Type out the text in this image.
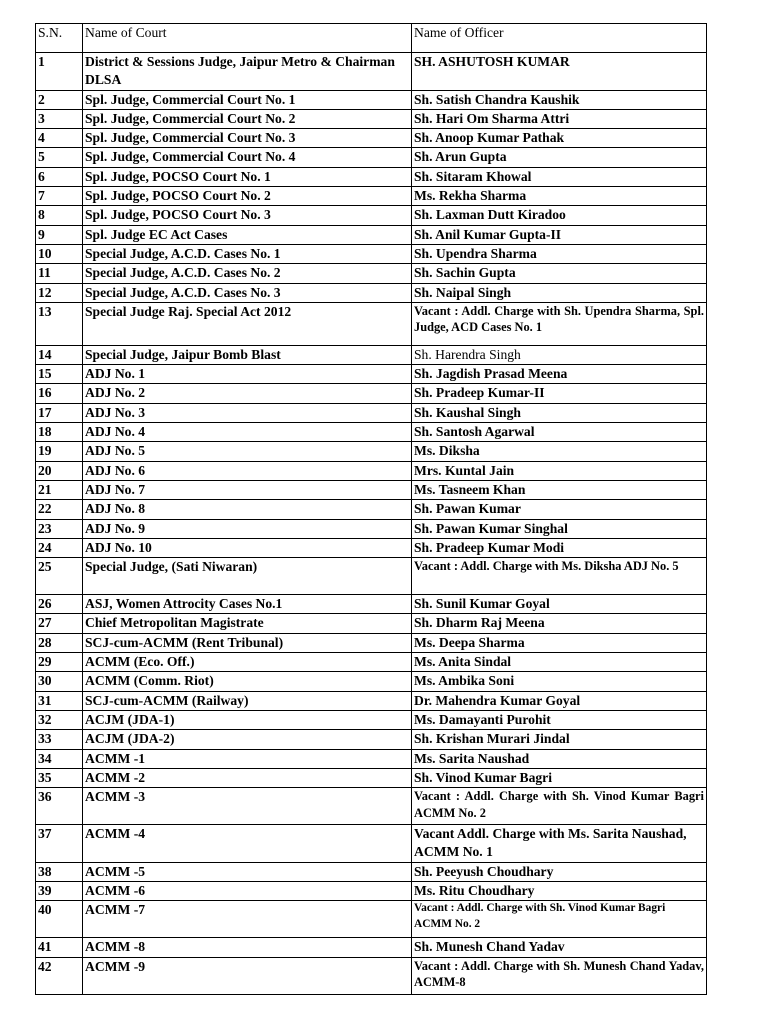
S.N.	Name of Court	Name of Officer
1	District & Sessions Judge, Jaipur Metro & Chairman DLSA	SH. ASHUTOSH KUMAR
2	Spl. Judge, Commercial Court No. 1	Sh. Satish Chandra Kaushik
3	Spl. Judge, Commercial Court No. 2	Sh. Hari Om Sharma Attri
4	Spl. Judge, Commercial Court No. 3	Sh. Anoop Kumar Pathak
5	Spl. Judge, Commercial Court No. 4	Sh. Arun Gupta
6	Spl. Judge, POCSO Court No. 1	Sh. Sitaram Khowal
7	Spl. Judge, POCSO Court No. 2	Ms. Rekha Sharma
8	Spl. Judge, POCSO Court No. 3	Sh. Laxman Dutt Kiradoo
9	Spl. Judge EC Act Cases	Sh. Anil Kumar Gupta-II
10	Special Judge, A.C.D. Cases No. 1	Sh. Upendra Sharma
11	Special Judge, A.C.D. Cases No. 2	Sh. Sachin Gupta
12	Special Judge, A.C.D. Cases No. 3	Sh. Naipal Singh
13	Special Judge Raj. Special Act 2012	Vacant : Addl. Charge with Sh. Upendra Sharma, Spl. Judge, ACD Cases No. 1
14	Special Judge, Jaipur Bomb Blast	Sh. Harendra Singh
15	ADJ No. 1	Sh. Jagdish Prasad Meena
16	ADJ No. 2	Sh. Pradeep Kumar-II
17	ADJ No. 3	Sh. Kaushal Singh
18	ADJ No. 4	Sh. Santosh Agarwal
19	ADJ No. 5	Ms. Diksha
20	ADJ No. 6	Mrs. Kuntal Jain
21	ADJ No. 7	Ms. Tasneem Khan
22	ADJ No. 8	Sh. Pawan Kumar
23	ADJ No. 9	Sh. Pawan Kumar Singhal
24	ADJ No. 10	Sh. Pradeep Kumar Modi
25	Special Judge, (Sati Niwaran)	Vacant : Addl. Charge with Ms. Diksha ADJ No. 5
26	ASJ, Women Attrocity Cases No.1	Sh. Sunil Kumar Goyal
27	Chief Metropolitan Magistrate	Sh. Dharm Raj Meena
28	SCJ-cum-ACMM (Rent Tribunal)	Ms. Deepa Sharma
29	ACMM (Eco. Off.)	Ms. Anita Sindal
30	ACMM (Comm. Riot)	Ms. Ambika Soni
31	SCJ-cum-ACMM (Railway)	Dr. Mahendra Kumar Goyal
32	ACJM (JDA-1)	Ms. Damayanti Purohit
33	ACJM (JDA-2)	Sh. Krishan Murari Jindal
34	ACMM -1	Ms. Sarita Naushad
35	ACMM -2	Sh. Vinod Kumar Bagri
36	ACMM -3	Vacant : Addl. Charge with Sh. Vinod Kumar Bagri ACMM No. 2
37	ACMM -4	Vacant Addl. Charge with Ms. Sarita Naushad, ACMM No. 1
38	ACMM -5	Sh. Peeyush Choudhary
39	ACMM -6	Ms. Ritu Choudhary
40	ACMM -7	Vacant : Addl. Charge with Sh. Vinod Kumar Bagri ACMM No. 2
41	ACMM -8	Sh. Munesh Chand Yadav
42	ACMM -9	Vacant : Addl. Charge with Sh. Munesh Chand Yadav, ACMM-8
